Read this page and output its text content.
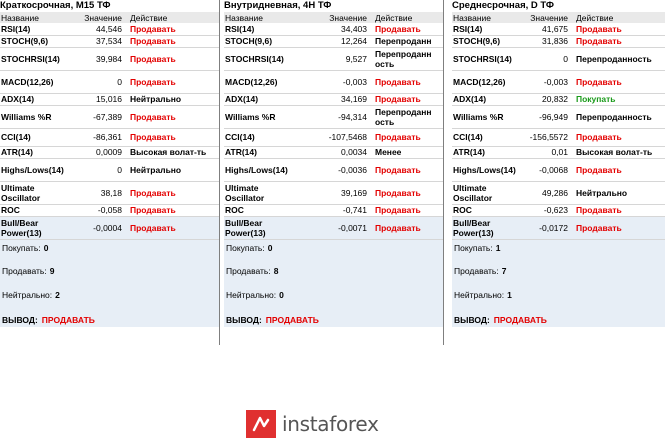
Краткосрочная, M15 ТФ
Название	Значение	Действие
RSI(14)	44,546	Продавать
STOCH(9,6)	37,534	Продавать
STOCHRSI(14)	39,984	Продавать
MACD(12,26)	0	Продавать
ADX(14)	15,016	Нейтрально
Williams %R	-67,389	Продавать
CCI(14)	-86,361	Продавать
ATR(14)	0,0009	Высокая волат-ть
Highs/Lows(14)	0	Нейтрально
Ultimate Oscillator	38,18	Продавать
ROC	-0,058	Продавать
Bull/Bear Power(13)	-0,0004	Продавать
Покупать: 0
Продавать: 9
Нейтрально: 2
ВЫВОД: ПРОДАВАТЬ
Внутридневная, 4H ТФ
Название	Значение	Действие
RSI(14)	34,403	Продавать
STOCH(9,6)	12,264	Перепроданн
STOCHRSI(14)	9,527	Перепроданн ость
MACD(12,26)	-0,003	Продавать
ADX(14)	34,169	Продавать
Williams %R	-94,314	Перепроданн ость
CCI(14)	-107,5468	Продавать
ATR(14)	0,0034	Менее
Highs/Lows(14)	-0,0036	Продавать
Ultimate Oscillator	39,169	Продавать
ROC	-0,741	Продавать
Bull/Bear Power(13)	-0,0071	Продавать
Покупать: 0
Продавать: 8
Нейтрально: 0
ВЫВОД: ПРОДАВАТЬ
Среднесрочная, D ТФ
Название	Значение	Действие
RSI(14)	41,675	Продавать
STOCH(9,6)	31,836	Продавать
STOCHRSI(14)	0	Перепроданность
MACD(12,26)	-0,003	Продавать
ADX(14)	20,832	Покупать
Williams %R	-96,949	Перепроданность
CCI(14)	-156,5572	Продавать
ATR(14)	0,01	Высокая волат-ть
Highs/Lows(14)	-0,0068	Продавать
Ultimate Oscillator	49,286	Нейтрально
ROC	-0,623	Продавать
Bull/Bear Power(13)	-0,0172	Продавать
Покупать: 1
Продавать: 7
Нейтрально: 1
ВЫВОД: ПРОДАВАТЬ
instaforex
